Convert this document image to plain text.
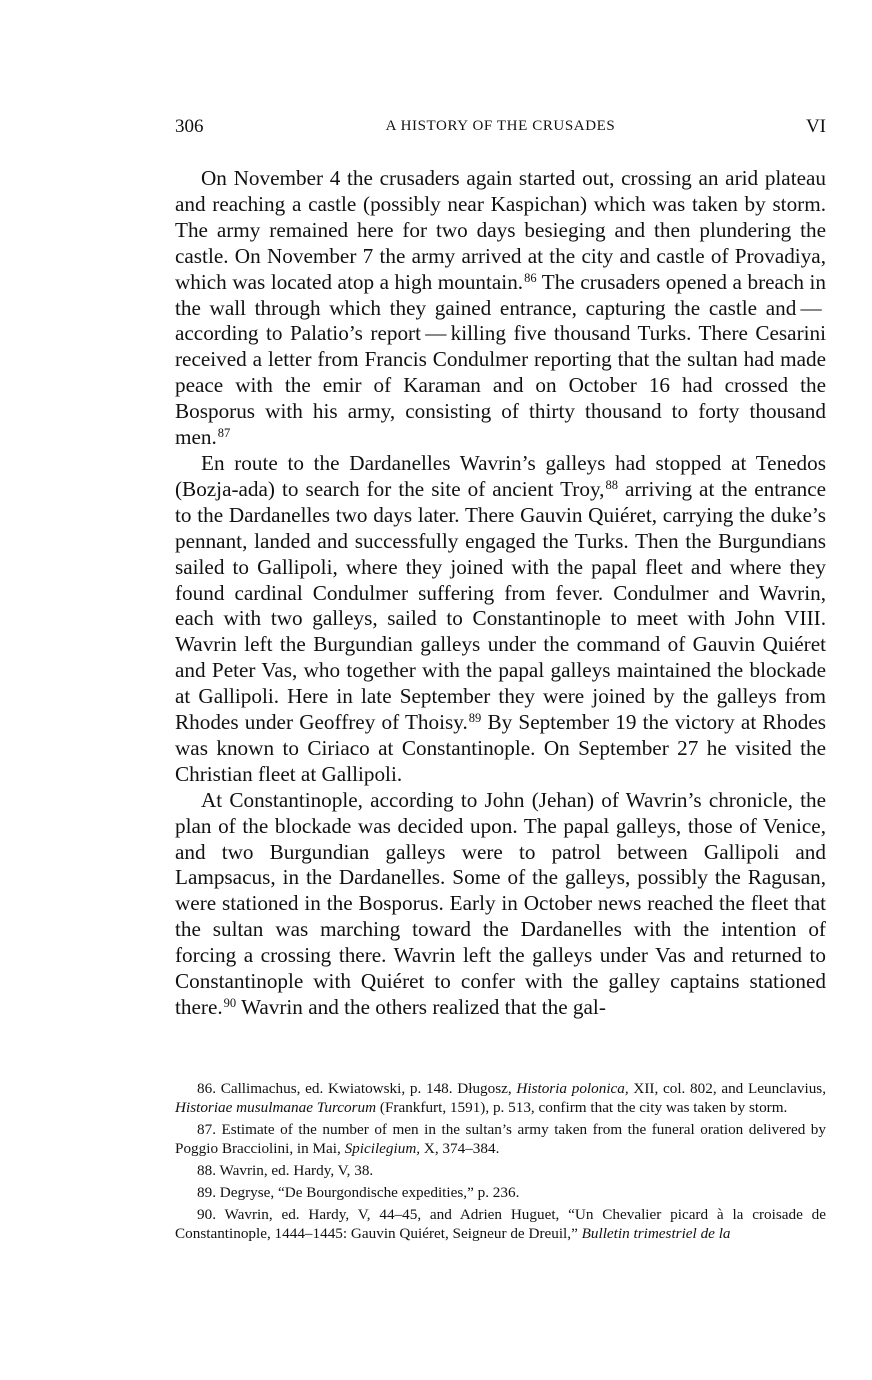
306	A HISTORY OF THE CRUSADES	VI

On November 4 the crusaders again started out, crossing an arid plateau and reaching a castle (possibly near Kaspichan) which was taken by storm. The army remained here for two days besieging and then plundering the castle. On November 7 the army arrived at the city and castle of Provadiya, which was located atop a high mountain.$^{86}$ The crusaders opened a breach in the wall through which they gained entrance, capturing the castle and — according to Palatio’s report — killing five thousand Turks. There Cesarini received a letter from Francis Condulmer reporting that the sultan had made peace with the emir of Karaman and on October 16 had crossed the Bosporus with his army, consisting of thirty thousand to forty thousand men.$^{87}$

En route to the Dardanelles Wavrin’s galleys had stopped at Tenedos (Bozja-ada) to search for the site of ancient Troy,$^{88}$ arriving at the entrance to the Dardanelles two days later. There Gauvin Quiéret, carrying the duke’s pennant, landed and successfully engaged the Turks. Then the Burgundians sailed to Gallipoli, where they joined with the papal fleet and where they found cardinal Condulmer suffering from fever. Condulmer and Wavrin, each with two galleys, sailed to Constantinople to meet with John VIII. Wavrin left the Burgundian galleys under the command of Gauvin Quiéret and Peter Vas, who together with the papal galleys maintained the blockade at Gallipoli. Here in late September they were joined by the galleys from Rhodes under Geoffrey of Thoisy.$^{89}$ By September 19 the victory at Rhodes was known to Ciriaco at Constantinople. On September 27 he visited the Christian fleet at Gallipoli.

At Constantinople, according to John (Jehan) of Wavrin’s chronicle, the plan of the blockade was decided upon. The papal galleys, those of Venice, and two Burgundian galleys were to patrol between Gallipoli and Lampsacus, in the Dardanelles. Some of the galleys, possibly the Ragusan, were stationed in the Bosporus. Early in October news reached the fleet that the sultan was marching toward the Dardanelles with the intention of forcing a crossing there. Wavrin left the galleys under Vas and returned to Constantinople with Quiéret to confer with the galley captains stationed there.$^{90}$ Wavrin and the others realized that the gal-

86. Callimachus, ed. Kwiatowski, p. 148. Długosz, Historia polonica, XII, col. 802, and Leunclavius, Historiae musulmanae Turcorum (Frankfurt, 1591), p. 513, confirm that the city was taken by storm.

87. Estimate of the number of men in the sultan’s army taken from the funeral oration delivered by Poggio Bracciolini, in Mai, Spicilegium, X, 374–384.

88. Wavrin, ed. Hardy, V, 38.

89. Degryse, “De Bourgondische expedities,” p. 236.

90. Wavrin, ed. Hardy, V, 44–45, and Adrien Huguet, “Un Chevalier picard à la croisade de Constantinople, 1444–1445: Gauvin Quiéret, Seigneur de Dreuil,” Bulletin trimestriel de la
